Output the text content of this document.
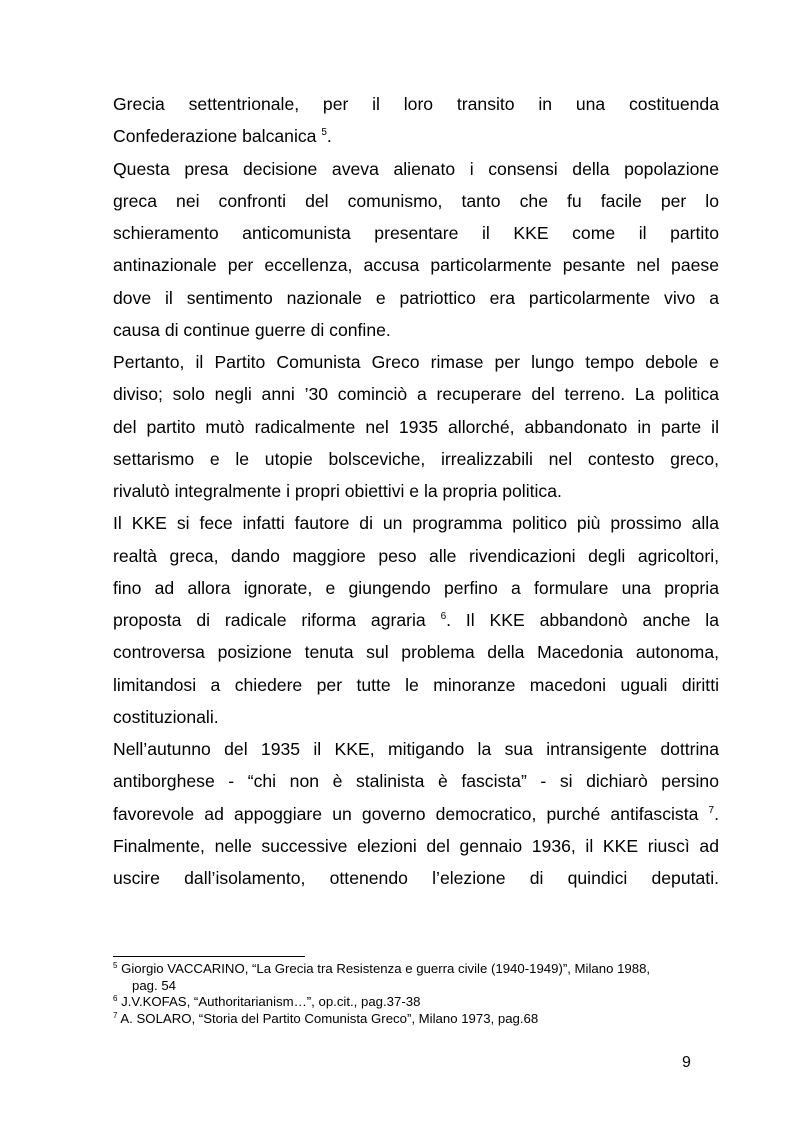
Grecia settentrionale, per il loro transito in una costituenda
Confederazione balcanica $^5$.
Questa presa decisione aveva alienato i consensi della popolazione
greca nei confronti del comunismo, tanto che fu facile per lo
schieramento anticomunista presentare il KKE come il partito
antinazionale per eccellenza, accusa particolarmente pesante nel paese
dove il sentimento nazionale e patriottico era particolarmente vivo a
causa di continue guerre di confine.
Pertanto, il Partito Comunista Greco rimase per lungo tempo debole e
diviso; solo negli anni ’30 cominciò a recuperare del terreno. La politica
del partito mutò radicalmente nel 1935 allorché, abbandonato in parte il
settarismo e le utopie bolsceviche, irrealizzabili nel contesto greco,
rivalutò integralmente i propri obiettivi e la propria politica.
Il KKE si fece infatti fautore di un programma politico più prossimo alla
realtà greca, dando maggiore peso alle rivendicazioni degli agricoltori,
fino ad allora ignorate, e giungendo perfino a formulare una propria
proposta di radicale riforma agraria $^6$. Il KKE abbandonò anche la
controversa posizione tenuta sul problema della Macedonia autonoma,
limitandosi a chiedere per tutte le minoranze macedoni uguali diritti
costituzionali.
Nell’autunno del 1935 il KKE, mitigando la sua intransigente dottrina
antiborghese - “chi non è stalinista è fascista” - si dichiarò persino
favorevole ad appoggiare un governo democratico, purché antifascista $^7$.
Finalmente, nelle successive elezioni del gennaio 1936, il KKE riuscì ad
uscire dall’isolamento, ottenendo l’elezione di quindici deputati.
$^5$ Giorgio VACCARINO, “La Grecia tra Resistenza e guerra civile (1940-1949)”, Milano 1988,
pag. 54
$^6$ J.V.KOFAS, “Authoritarianism…”, op.cit., pag.37-38
$^7$ A. SOLARO, “Storia del Partito Comunista Greco”, Milano 1973, pag.68
9
